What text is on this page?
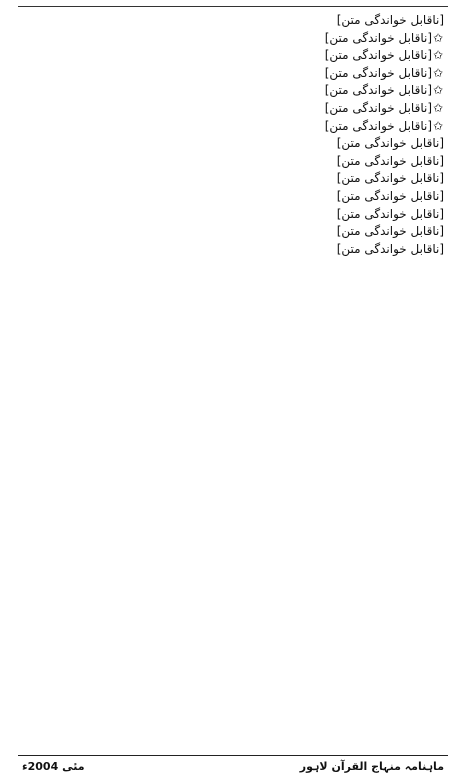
[ناقابل خواندگی متن]

✩[ناقابل خواندگی متن]

✩[ناقابل خواندگی متن]

✩[ناقابل خواندگی متن]

✩[ناقابل خواندگی متن]

✩[ناقابل خواندگی متن]

✩[ناقابل خواندگی متن]

[ناقابل خواندگی متن]

[ناقابل خواندگی متن]

[ناقابل خواندگی متن]

[ناقابل خواندگی متن]

[ناقابل خواندگی متن]

[ناقابل خواندگی متن]

[ناقابل خواندگی متن]

مئی 2004ء	ماہنامہ منہاج القرآن لاہور
